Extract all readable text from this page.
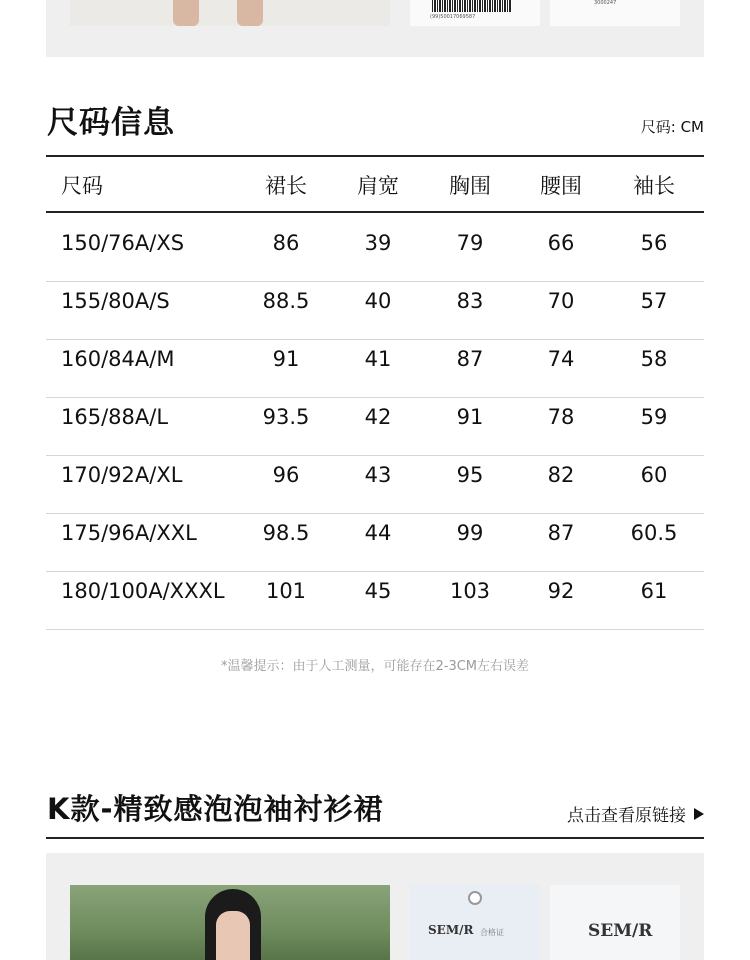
(99)50017069587
3000247
尺码信息	尺码: CM
尺码	裙长	肩宽	胸围	腰围	袖长
150/76A/XS	86	39	79	66	56
155/80A/S	88.5	40	83	70	57
160/84A/M	91	41	87	74	58
165/88A/L	93.5	42	91	78	59
170/92A/XL	96	43	95	82	60
175/96A/XXL	98.5	44	99	87	60.5
180/100A/XXXL	101	45	103	92	61
*温馨提示：由于人工测量，可能存在2-3CM左右误差
K款-精致感泡泡袖衬衫裙	点击查看原链接
SEM/R 合格证	SEM/R
